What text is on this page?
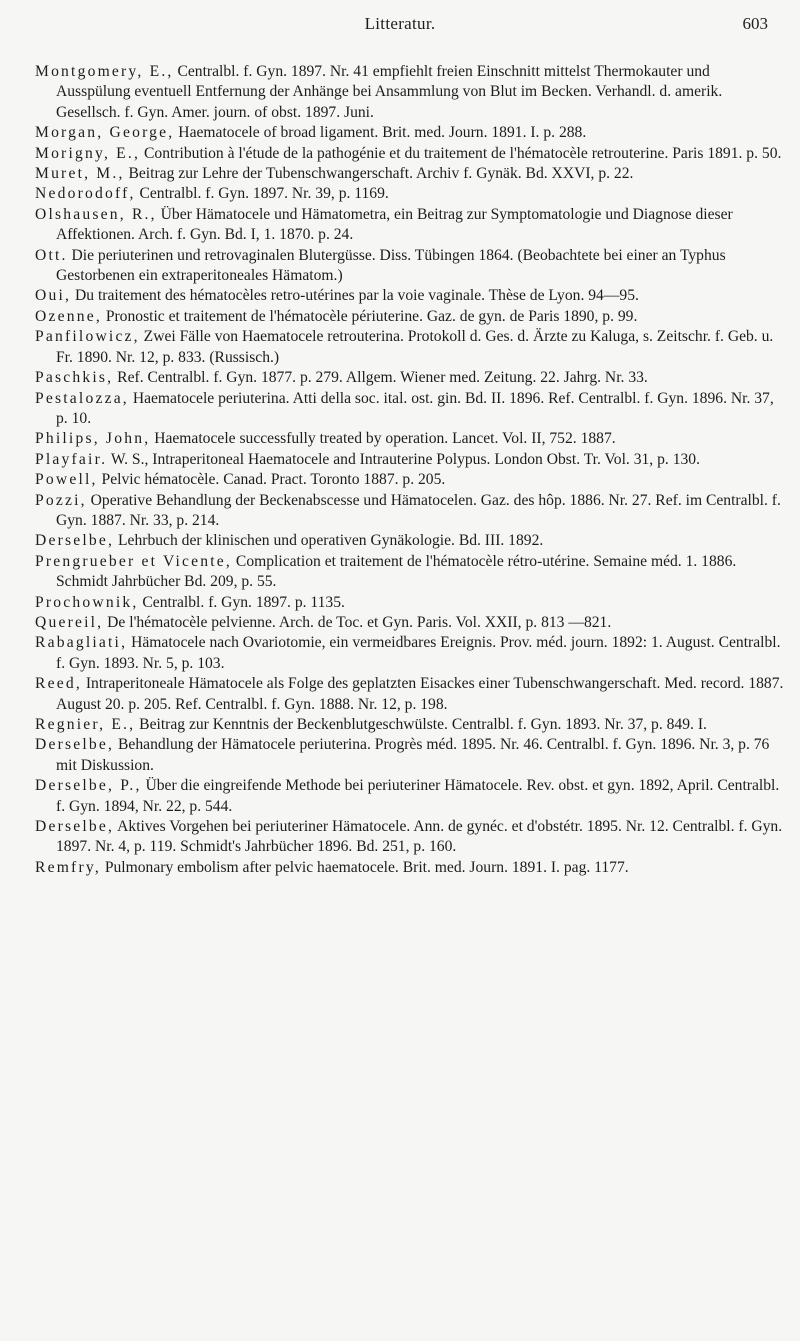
Litteratur.	603

Montgomery, E., Centralbl. f. Gyn. 1897. Nr. 41 empfiehlt freien Einschnitt mittelst Thermokauter und Ausspülung eventuell Entfernung der Anhänge bei Ansammlung von Blut im Becken. Verhandl. d. amerik. Gesellsch. f. Gyn. Amer. journ. of obst. 1897. Juni.

Morgan, George, Haematocele of broad ligament. Brit. med. Journ. 1891. I. p. 288.

Morigny, E., Contribution à l'étude de la pathogénie et du traitement de l'hématocèle retrouterine. Paris 1891. p. 50.

Muret, M., Beitrag zur Lehre der Tubenschwangerschaft. Archiv f. Gynäk. Bd. XXVI, p. 22.

Nedorodoff, Centralbl. f. Gyn. 1897. Nr. 39, p. 1169.

Olshausen, R., Über Hämatocele und Hämatometra, ein Beitrag zur Symptomatologie und Diagnose dieser Affektionen. Arch. f. Gyn. Bd. I, 1. 1870. p. 24.

Ott. Die periuterinen und retrovaginalen Blutergüsse. Diss. Tübingen 1864. (Beobachtete bei einer an Typhus Gestorbenen ein extraperitoneales Hämatom.)

Oui, Du traitement des hématocèles retro-utérines par la voie vaginale. Thèse de Lyon. 94—95.

Ozenne, Pronostic et traitement de l'hématocèle périuterine. Gaz. de gyn. de Paris 1890, p. 99.

Panfilowicz, Zwei Fälle von Haematocele retrouterina. Protokoll d. Ges. d. Ärzte zu Kaluga, s. Zeitschr. f. Geb. u. Fr. 1890. Nr. 12, p. 833. (Russisch.)

Paschkis, Ref. Centralbl. f. Gyn. 1877. p. 279. Allgem. Wiener med. Zeitung. 22. Jahrg. Nr. 33.

Pestalozza, Haematocele periuterina. Atti della soc. ital. ost. gin. Bd. II. 1896. Ref. Centralbl. f. Gyn. 1896. Nr. 37, p. 10.

Philips, John, Haematocele successfully treated by operation. Lancet. Vol. II, 752. 1887.

Playfair. W. S., Intraperitoneal Haematocele and Intrauterine Polypus. London Obst. Tr. Vol. 31, p. 130.

Powell, Pelvic hématocèle. Canad. Pract. Toronto 1887. p. 205.

Pozzi, Operative Behandlung der Beckenabscesse und Hämatocelen. Gaz. des hôp. 1886. Nr. 27. Ref. im Centralbl. f. Gyn. 1887. Nr. 33, p. 214.

Derselbe, Lehrbuch der klinischen und operativen Gynäkologie. Bd. III. 1892.

Prengrueber et Vicente, Complication et traitement de l'hématocèle rétro-utérine. Semaine méd. 1. 1886. Schmidt Jahrbücher Bd. 209, p. 55.

Prochownik, Centralbl. f. Gyn. 1897. p. 1135.

Quereil, De l'hématocèle pelvienne. Arch. de Toc. et Gyn. Paris. Vol. XXII, p. 813 —821.

Rabagliati, Hämatocele nach Ovariotomie, ein vermeidbares Ereignis. Prov. méd. journ. 1892: 1. August. Centralbl. f. Gyn. 1893. Nr. 5, p. 103.

Reed, Intraperitoneale Hämatocele als Folge des geplatzten Eisackes einer Tubenschwangerschaft. Med. record. 1887. August 20. p. 205. Ref. Centralbl. f. Gyn. 1888. Nr. 12, p. 198.

Regnier, E., Beitrag zur Kenntnis der Beckenblutgeschwülste. Centralbl. f. Gyn. 1893. Nr. 37, p. 849. I.

Derselbe, Behandlung der Hämatocele periuterina. Progrès méd. 1895. Nr. 46. Centralbl. f. Gyn. 1896. Nr. 3, p. 76 mit Diskussion.

Derselbe, P., Über die eingreifende Methode bei periuteriner Hämatocele. Rev. obst. et gyn. 1892, April. Centralbl. f. Gyn. 1894, Nr. 22, p. 544.

Derselbe, Aktives Vorgehen bei periuteriner Hämatocele. Ann. de gynéc. et d'obstétr. 1895. Nr. 12. Centralbl. f. Gyn. 1897. Nr. 4, p. 119. Schmidt's Jahrbücher 1896. Bd. 251, p. 160.

Remfry, Pulmonary embolism after pelvic haematocele. Brit. med. Journ. 1891. I. pag. 1177.
